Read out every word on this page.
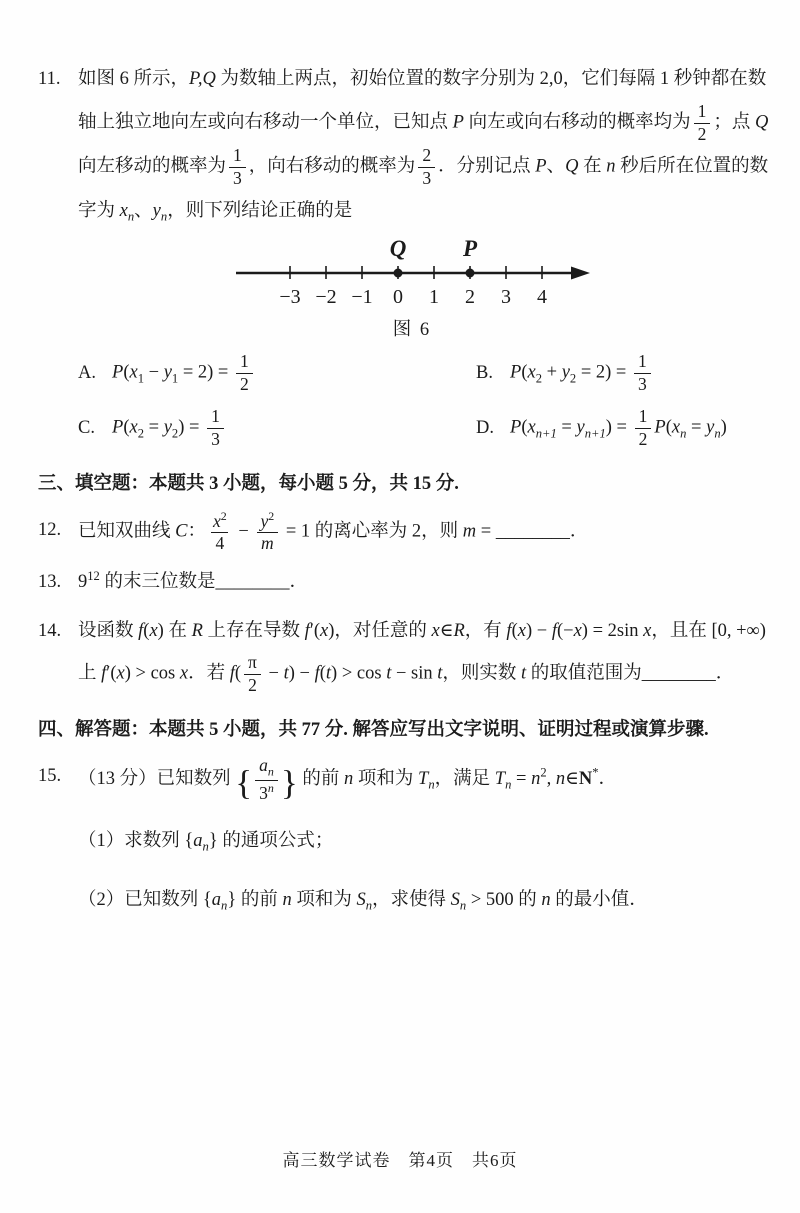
11. 如图 6 所示，P,Q 为数轴上两点，初始位置的数字分别为 2,0，它们每隔 1 秒钟都在数轴上独立地向左或向右移动一个单位，已知点 P 向左或向右移动的概率均为 $\frac{1}{2}$ ；点 Q 向左移动的概率为 $\frac{1}{3}$ ，向右移动的概率为 $\frac{2}{3}$ ．分别记点 P、Q 在 n 秒后所在位置的数字为 $x_n$、$y_n$，则下列结论正确的是
−3 −2 −1 0 1 2 3 4
Q P
图 6
A. $P(x_1 - y_1 = 2) = \frac{1}{2}$	B. $P(x_2 + y_2 = 2) = \frac{1}{3}$
C. $P(x_2 = y_2) = \frac{1}{3}$	D. $P(x_{n+1} = y_{n+1}) = \frac{1}{2} P(x_n = y_n)$
三、填空题：本题共 3 小题，每小题 5 分，共 15 分.
12. 已知双曲线 C： $\frac{x^2}{4} - \frac{y^2}{m} = 1$ 的离心率为 2，则 m = ________．
13. $9^{12}$ 的末三位数是________．
14. 设函数 f(x) 在 R 上存在导数 f′(x)，对任意的 x∈R，有 f(x) − f(−x) = 2sin x，且在 [0, +∞) 上 f′(x) > cos x．若 $f( \frac{\pi}{2} - t) - f(t) > \cos t - \sin t$，则实数 t 的取值范围为________．
四、解答题：本题共 5 小题，共 77 分. 解答应写出文字说明、证明过程或演算步骤.
15. （13 分）已知数列 { $\frac{a_n}{3^n}$ } 的前 n 项和为 $T_n$，满足 $T_n = n^2$, n∈N*．
（1）求数列 $\{a_n\}$ 的通项公式；
（2）已知数列 $\{a_n\}$ 的前 n 项和为 $S_n$，求使得 $S_n > 500$ 的 n 的最小值．
高三数学试卷　第4页　共6页
